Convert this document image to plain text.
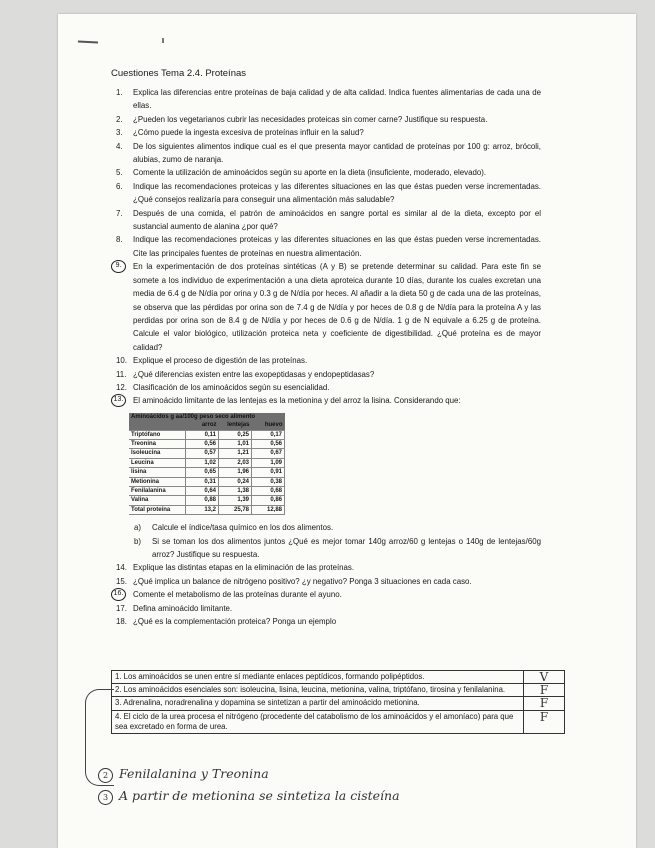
Cuestiones Tema 2.4. Proteínas
1. Explica las diferencias entre proteínas de baja calidad y de alta calidad. Indica fuentes alimentarias de cada una de ellas.
2. ¿Pueden los vegetarianos cubrir las necesidades proteicas sin comer carne? Justifique su respuesta.
3. ¿Cómo puede la ingesta excesiva de proteínas influir en la salud?
4. De los siguientes alimentos indique cual es el que presenta mayor cantidad de proteínas por 100 g: arroz, brócoli, alubias, zumo de naranja.
5. Comente la utilización de aminoácidos según su aporte en la dieta (insuficiente, moderado, elevado).
6. Indique las recomendaciones proteicas y las diferentes situaciones en las que éstas pueden verse incrementadas. ¿Qué consejos realizaría para conseguir una alimentación más saludable?
7. Después de una comida, el patrón de aminoácidos en sangre portal es similar al de la dieta, excepto por el sustancial aumento de alanina ¿por qué?
8. Indique las recomendaciones proteicas y las diferentes situaciones en las que éstas pueden verse incrementadas. Cite las principales fuentes de proteínas en nuestra alimentación.
9.	En la experimentación de dos proteínas sintéticas (A y B) se pretende determinar su calidad. Para este fin se somete a los individuo de experimentación a una dieta aproteica durante 10 días, durante los cuales excretan una media de 6.4 g de N/día por orina y 0.3 g de N/día por heces. Al añadir a la dieta 50 g de cada una de las proteínas, se observa que las pérdidas por orina son de 7.4 g de N/día y por heces de 0.8 g de N/día para la proteína A y las perdidas por orina son de 8.4 g de N/día y por heces de 0.6 g de N/día. 1 g de N equivale a 6.25 g de proteína. Calcule el valor biológico, utilización proteica neta y coeficiente de digestibilidad. ¿Qué proteína es de mayor calidad?
10. Explique el proceso de digestión de las proteínas.
11. ¿Qué diferencias existen entre las exopeptidasas y endopeptidasas?
12. Clasificación de los aminoácidos según su esencialidad.
13.	El aminoácido limitante de las lentejas es la metionina y del arroz la lisina. Considerando que:
Aminoácidos g aa/100g peso seco alimento			
	arroz	lentejas	huevo
Triptófano	0,11	0,25	0,17
Treonina	0,56	1,01	0,56
Isoleucina	0,57	1,21	0,67
Leucina	1,02	2,03	1,09
lisina	0,65	1,96	0,91
Metionina	0,31	0,24	0,38
Fenilalanina	0,64	1,38	0,68
Valina	0,88	1,39	0,86
Total proteína	13,2	25,78	12,88
a) Calcule el índice/tasa químico en los dos alimentos.
b) Si se toman los dos alimentos juntos ¿Qué es mejor tomar 140g arroz/60 g lentejas o 140g de lentejas/60g arroz? Justifique su respuesta.
14. Explique las distintas etapas en la eliminación de las proteínas.
15. ¿Qué implica un balance de nitrógeno positivo? ¿y negativo? Ponga 3 situaciones en cada caso.
16.	Comente el metabolismo de las proteínas durante el ayuno.
17. Defina aminoácido limitante.
18. ¿Qué es la complementación proteica? Ponga un ejemplo
1. Los aminoácidos se unen entre sí mediante enlaces peptídicos, formando polipéptidos.	V
2. Los aminoácidos esenciales son: isoleucina, lisina, leucina, metionina, valina, triptófano, tirosina y fenilalanina.	F
3. Adrenalina, noradrenalina y dopamina se sintetizan a partir del aminoácido metionina.	F
4. El ciclo de la urea procesa el nitrógeno (procedente del catabolismo de los aminoácidos y el amoníaco) para que sea excretado en forma de urea.	F
2 Fenilalanina y Treonina
3 A partir de metionina se sintetiza la cisteína
